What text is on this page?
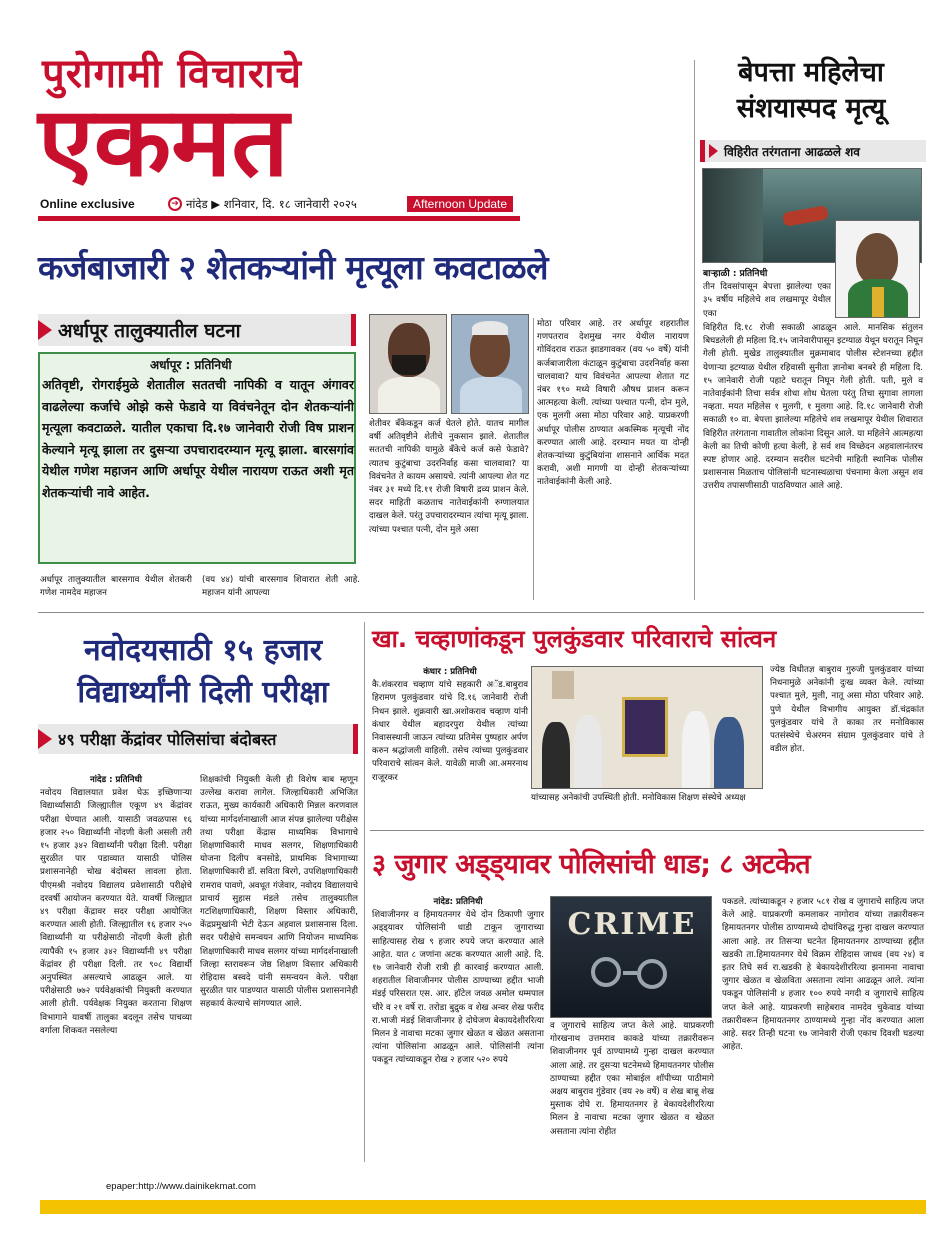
पुरोगामी विचाराचे
एकमत
Online exclusive	➔ नांदेड ▶ शनिवार, दि. १८ जानेवारी २०२५	Afternoon Update
बेपत्ता महिलेचा
संशयास्पद मृत्यू
विहिरीत तरंगताना आढळले शव
बाऱ्हाळी : प्रतिनिधी
तीन दिवसांपासून बेपत्ता झालेल्या एका ३५ वर्षीय महिलेचे शव लखमापूर येथील एका
विहिरीत दि.१८ रोजी सकाळी आढळून आले. मानसिक संतुलन बिघडलेली ही महिला दि.१५ जानेवारीपासून इटग्याळ येथून घरातून निघून गेली होती. मुखेड तालुक्यातील मुक्रमाबाद पोलीस स्टेशनच्या हद्दीत येणाऱ्या इटग्याळ येथील रहिवासी सुनीता ज्ञानोबा बनबरे ही महिला दि. १५ जानेवारी रोजी पहाटे घरातून निघून गेली होती. पती, मुले व नातेवाईकांनी तिचा सर्वत्र शोधा शोध घेतला परंतु तिचा सुगावा लागला नव्हता. मयत महिलेस १ मुलगी, १ मुलगा आहे. दि.१८ जानेवारी रोजी सकाळी १० वा. बेपत्ता झालेल्या महिलेचे शव लखमापूर येथील शिवारात विहिरीत तरंगताना गावातील लोकांना दिसून आले. या महिलेने आत्महत्या केली का तिची कोणी हत्या केली, हे सर्व शव विच्छेदन अहवालानंतरच स्पष्ट होणार आहे. दरम्यान सदरील घटनेची माहिती स्थानिक पोलीस प्रशासनास मिळताच पोलिसांनी घटनास्थळाचा पंचनामा केला असून शव उत्तरीय तपासणीसाठी पाठविण्यात आले आहे.
कर्जबाजारी २ शेतकऱ्यांनी मृत्यूला कवटाळले
अर्धापूर तालुक्यातील घटना
अर्धापूर : प्रतिनिधी
अतिवृष्टी, रोगराईमुळे शेतातील सततची नापिकी व यातून अंगावर वाढलेल्या कर्जाचे ओझे कसे फेडावे या विवंचनेतून दोन शेतकऱ्यांनी मृत्यूला कवटाळले. यातील एकाचा दि.१७ जानेवारी रोजी विष प्राशन केल्याने मृत्यू झाला तर दुसऱ्या उपचारादरम्यान मृत्यू झाला. बारसगांव येथील गणेश महाजन आणि अर्धापूर येथील नारायण राऊत अशी मृत शेतकऱ्यांची नावे आहेत.
शेतीवर बँकेकडून कर्ज घेतले होते. यातच मागील वर्षी अतिवृष्टीने शेतीचे नुकसान झाले. शेतातील सततची नापिकी यामुळे बँकेचे कर्ज कसे फेडावे? त्यातच कुटुंबाचा उदरनिर्वाह कसा चालवावा? या विवंचनेत ते कायम असायचे. त्यांनी आपल्या शेत गट नंबर ३१ मध्ये दि.११ रोजी विषारी द्रव्य प्राशन केले. सदर माहिती कळताच नातेवाईकांनी रुग्णालयात दाखल केले. परंतु उपचारादरम्यान त्यांचा मृत्यू झाला. त्यांच्या पश्चात पत्नी, दोन मुले असा
मोठा परिवार आहे. तर अर्धापूर शहरातील गणपतराव देशमुख नगर येथील नारायण गोविंदराव राऊत झाडगावकर (वय ५० वर्षे) यांनी कर्जबाजारीला कंटाळून कुटुंबाचा उदरनिर्वाह कसा चालवावा? याच विवंचनेत आपल्या शेतात गट नंबर १९० मध्ये विषारी औषध प्राशन करून आत्महत्या केली. त्यांच्या पश्चात पत्नी, दोन मुले, एक मुलगी असा मोठा परिवार आहे. याप्रकरणी अर्धापूर पोलीस ठाण्यात अकस्मिक मृत्यूची नोंद करण्यात आली आहे. दरम्यान मयत या दोन्ही शेतकऱ्यांच्या कुटुंबियांना शासनाने आर्थिक मदत करावी, अशी मागणी या दोन्ही शेतकऱ्यांच्या नातेवाईकांनी केली आहे.
अर्धापूर तालुक्यातील बारसगाव येथील शेतकरी गणेश नामदेव महाजन
(वय ४४) यांची बारसगाव शिवारात शेती आहे. महाजन यांनी आपल्या
नवोदयसाठी १५ हजार
विद्यार्थ्यांनी दिली परीक्षा
४९ परीक्षा केंद्रांवर पोलिसांचा बंदोबस्त
नांदेड : प्रतिनिधी
नवोदय विद्यालयात प्रवेश घेऊ इच्छिणाऱ्या विद्यार्थ्यांसाठी जिल्ह्यातील एकूण ४९ केंद्रांवर परीक्षा घेण्यात आली. यासाठी जवळपास १६ हजार २५० विद्यार्थ्यांनी नोंदणी केली असली तरी १५ हजार ३४२ विद्यार्थ्यांनी परीक्षा दिली. परीक्षा सुरळीत पार पडाव्यात यासाठी पोलिस प्रशासनानेही चोख बंदोबस्त लावला होता. पीएमश्री नवोदय विद्यालय प्रवेशासाठी परीक्षेचे दरवर्षी आयोजन करण्यात येते. यावर्षी जिल्ह्यात ४९ परीक्षा केंद्रावर सदर परीक्षा आयोजित करण्यात आली होती. जिल्ह्यातील १६ हजार २५० विद्यार्थ्यांनी या परीक्षेसाठी नोंदणी केली होती त्यापैकी १५ हजार ३४२ विद्यार्थ्यांनी ४९ परीक्षा केंद्रांवर ही परीक्षा दिली. तर ९०८ विद्यार्थी अनुपस्थित असल्याचे आढळून आले. या परीक्षेसाठी ७७२ पर्यवेक्षकांची नियुक्ती करण्यात आली होती. पर्यवेक्षक नियुक्त करताना शिक्षण विभागाने यावर्षी तालुका बदलून तसेच पाचव्या वर्गाला शिकवत नसलेल्या
शिक्षकांची नियुक्ती केली ही विशेष बाब म्हणून उल्लेख करावा लागेल. जिल्हाधिकारी अभिजित राऊत, मुख्य कार्यकारी अधिकारी मिन्नल करणवाल यांच्या मार्गदर्शनाखाली आज संपन्न झालेल्या परीक्षेस तथा परीक्षा केंद्रास माध्यमिक विभागाचे शिक्षणाधिकारी माधव सलगर, शिक्षणाधिकारी योजना दिलीप बनसोडे, प्राथमिक विभागाच्या शिक्षणाधिकारी डॉ. सविता बिरगे, उपशिक्षणाधिकारी रामराव पावणे, अवधूत गंजेवार, नवोदय विद्यालयाचे प्राचार्य सुहास मंडले तसेच तालुक्यातील गटशिक्षणाधिकारी, शिक्षण विस्तार अधिकारी, केंद्रप्रमुखांनी भेटी देऊन अहवाल प्रशासनास दिला. सदर परीक्षेचे समन्वयन आणि नियोजन माध्यमिक शिक्षणाधिकारी माधव सलगर यांच्या मार्गदर्शनाखाली जिल्हा स्तरावरून जेष्ठ शिक्षण विस्तार अधिकारी रोहिदास बस्वदे यांनी समन्वयन केले. परीक्षा सुरळीत पार पाडण्यात यासाठी पोलीस प्रशासनानेही सहकार्य केल्याचे सांगण्यात आले.
खा. चव्हाणांकडून पुलकुंडवार परिवाराचे सांत्वन
कंधार : प्रतिनिधी
कै.शंकरराव चव्हाण यांचे सहकारी अॅड.बाबुराव हिरामण पुलकुंडवार यांचे दि.१६ जानेवारी रोजी निधन झाले. शुक्रवारी खा.अशोकराव चव्हाण यांनी कंधार येथील बहादरपुरा येथील त्यांच्या निवासस्थानी जाऊन त्यांच्या प्रतिमेस पुष्पहार अर्पण करुन श्रद्धांजली वाहिली. तसेच त्यांच्या पुलकुंडवार परिवाराचे सांत्वन केले. यावेळी माजी आ.अमरनाथ राजूरकर
यांच्यासह अनेकांची उपस्थिती होती. मनोविकास शिक्षण संस्थेचे अध्यक्ष
ज्येष्ठ विधीतज्ञ बाबुराव गुरुजी पुलकुंडवार यांच्या निधनामुळे अनेकांनी दुःख व्यक्त केले. त्यांच्या पश्चात मुले, मुली, नातू असा मोठा परिवार आहे. पुणे येथील विभागीय आयुक्त डॉ.चंद्रकांत पुलकुंडवार यांचे ते काका तर मनोविकास पतसंस्थेचे चेअरमन संग्राम पुलकुंडवार यांचे ते वडील होत.
३ जुगार अड्ड्यावर पोलिसांची धाड; ८ अटकेत
नांदेड: प्रतिनिधी
शिवाजीनगर व हिमायतनगर येथे दोन ठिकाणी जुगार अड्ड्यावर पोलिसांनी धाडी टाकून जुगाराच्या साहित्यासह रोख ९ हजार रुपये जप्त करण्यात आले आहेत. यात ८ जणांना अटक करण्यात आली आहे. दि. १७ जानेवारी रोजी रात्री ही कारवाई करण्यात आली. शहरातील शिवाजीनगर पोलीस ठाण्याच्या हद्दीत भाजी मंडई परिसरात एस. आर. हॉटेल जवळ अमोल धम्मपाल चौरे व २१ वर्षे रा. तरोडा बुद्रुक व शेख अन्वर शेख फरीद रा.भाजी मंडई शिवाजीनगर हे दोघेजण बेकायदेशीररित्या मिलन डे नावाचा मटका जुगार खेळत व खेळत असताना त्यांना पोलिसांना आढळून आले. पोलिसांनी त्यांना पकडून त्यांच्याकडून रोख २ हजार ५२० रुपये
CRIME
व जुगाराचे साहित्य जप्त केले आहे. याप्रकरणी गोरखनाथ उत्तमराव काकडे यांच्या तक्रारीवरून शिवाजीनगर पूर्व ठाण्यामध्ये गुन्हा दाखल करण्यात आला आहे. तर दुसऱ्या घटनेमध्ये हिमायतनगर पोलीस ठाण्याच्या हद्दीत एका मोबाईल शॉपीच्या पाठीमागे अक्षय बाबुराव गुंडेवार (वय २७ वर्षे) व शेख बाबू शेख मुस्ताक दोघे रा. हिमायतनगर हे बेकायदेशीररित्या मिलन डे नावाचा मटका जुगार खेळत व खेळत असताना त्यांना रोहीत
पकडले. त्यांच्याकडून २ हजार ५८१ रोख व जुगाराचे साहित्य जप्त केले आहे. याप्रकरणी कमलाकर नागोराव यांच्या तक्रारीवरून हिमायतनगर पोलीस ठाण्यामध्ये दोघांविरुद्ध गुन्हा दाखल करण्यात आला आहे. तर तिसऱ्या घटनेत हिमायतनगर ठाण्याच्या हद्दीत खडकी ता.हिमायतनगर येथे विक्रम रोहिदास जाधव (वय २४) व इतर तिघे सर्व रा.खडकी हे बेकायदेशीररित्या झनामना नावाचा जुगार खेळत व खेळविता असताना त्यांना आढळून आले. त्यांना पकडून पोलिसांनी ४ हजार १०० रुपये नगदी व जुगाराचे साहित्य जप्त केले आहे. याप्रकरणी साहेबराव नामदेव चुकेवाड यांच्या तक्रारीवरून हिमायतनगर ठाण्यामध्ये गुन्हा नोंद करण्यात आला आहे. सदर तिन्ही घटना १७ जानेवारी रोजी एकाच दिवशी घडल्या आहेत.
epaper:http://www.dainikekmat.com
